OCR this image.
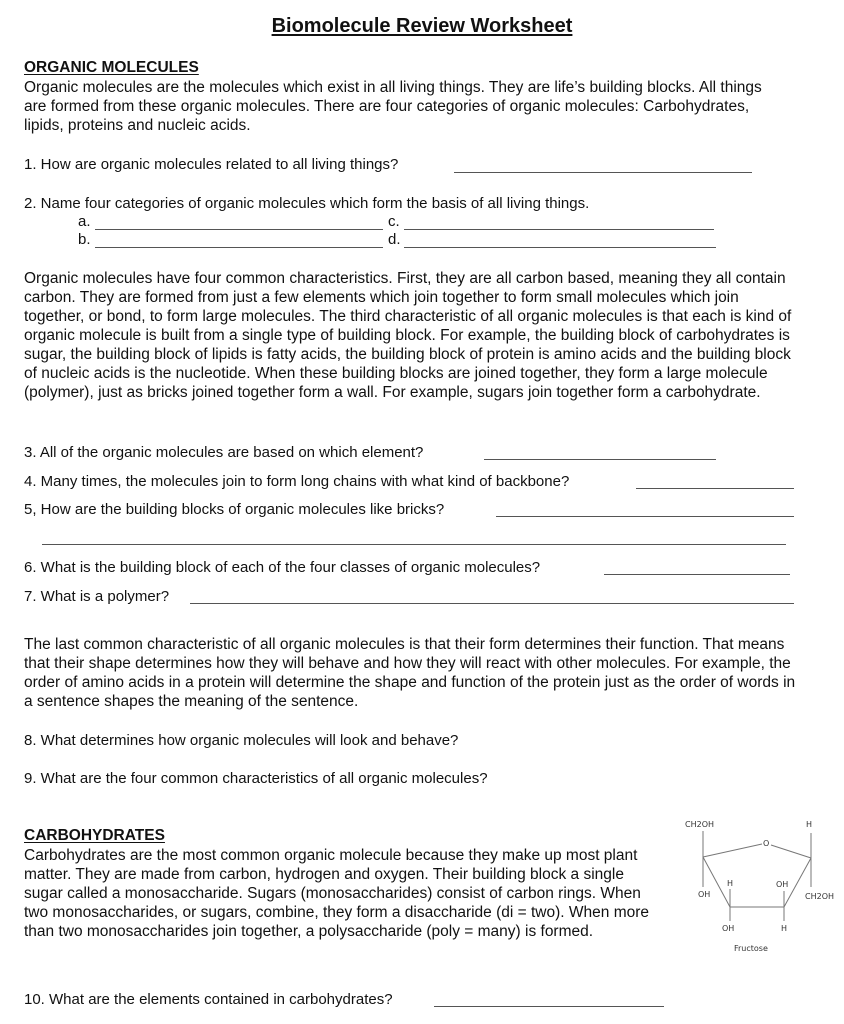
Biomolecule Review Worksheet
ORGANIC MOLECULES
Organic molecules are the molecules which exist in all living things. They are life’s building blocks. All things are formed from these organic molecules. There are four categories of organic molecules: Carbohydrates, lipids, proteins and nucleic acids.
1. How are organic molecules related to all living things?
2. Name four categories of organic molecules which form the basis of all living things.
a.	c.
b.	d.
Organic molecules have four common characteristics. First, they are all carbon based, meaning they all contain carbon. They are formed from just a few elements which join together to form small molecules which join together, or bond, to form large molecules. The third characteristic of all organic molecules is that each is kind of organic molecule is built from a single type of building block. For example, the building block of carbohydrates is sugar, the building block of lipids is fatty acids, the building block of protein is amino acids and the building block of nucleic acids is the nucleotide. When these building blocks are joined together, they form a large molecule (polymer), just as bricks joined together form a wall. For example, sugars join together form a carbohydrate.
3. All of the organic molecules are based on which element?
4. Many times, the molecules join to form long chains with what kind of backbone?
5, How are the building blocks of organic molecules like bricks?
6. What is the building block of each of the four classes of organic molecules?
7. What is a polymer?
The last common characteristic of all organic molecules is that their form determines their function. That means that their shape determines how they will behave and how they will react with other molecules. For example, the order of amino acids in a protein will determine the shape and function of the protein just as the order of words in a sentence shapes the meaning of the sentence.
8. What determines how organic molecules will look and behave?
9. What are the four common characteristics of all organic molecules?
CARBOHYDRATES
Carbohydrates are the most common organic molecule because they make up most plant matter. They are made from carbon, hydrogen and oxygen. Their building block a single sugar called a monosaccharide. Sugars (monosaccharides) consist of carbon rings. When two monosaccharides, or sugars, combine, they form a disaccharide (di = two). When more than two monosaccharides join together, a polysaccharide (poly = many) is formed.
10. What are the elements contained in carbohydrates?
CH2OH	H
O
OH
H	OH
CH2OH
OH	H
Fructose
